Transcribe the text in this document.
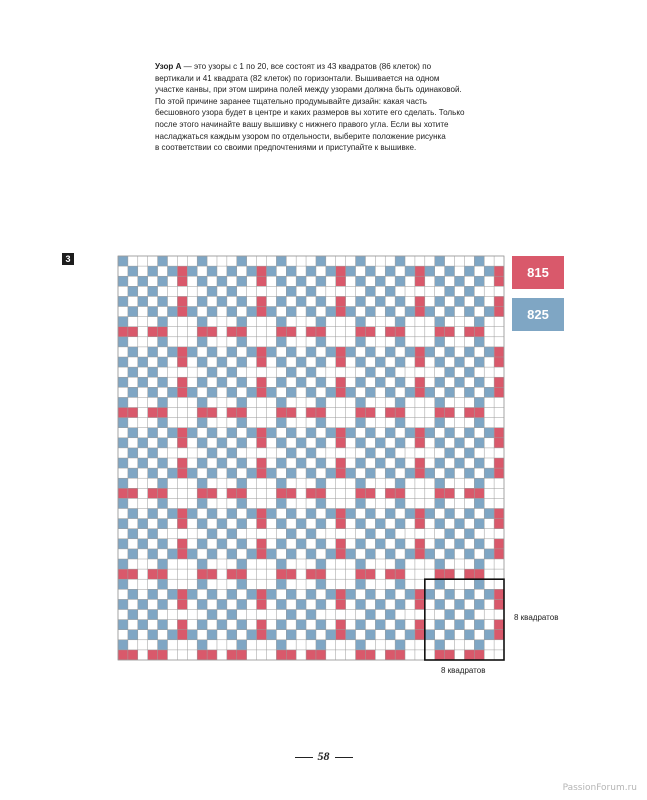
Узор А — это узоры с 1 по 20, все состоят из 43 квадратов (86 клеток) по
вертикали и 41 квадрата (82 клеток) по горизонтали. Вышивается на одном
участке канвы, при этом ширина полей между узорами должна быть одинаковой.
По этой причине заранее тщательно продумывайте дизайн: какая часть
бесшовного узора будет в центре и каких размеров вы хотите его сделать. Только
после этого начинайте вашу вышивку с нижнего правого угла. Если вы хотите
насладжаться каждым узором по отдельности, выберите положение рисунка
в соответствии со своими предпочтениями и приступайте к вышивке.

3
815
825
8 квадратов
8 квадратов
58
PassionForum.ru
